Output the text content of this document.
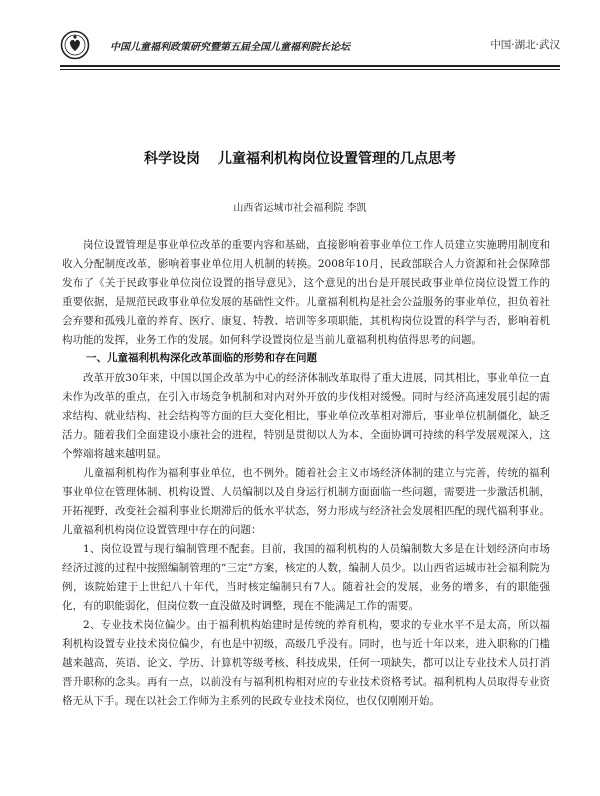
中国儿童福利政策研究暨第五届全国儿童福利院长论坛	中国·湖北·武汉
科学设岗 儿童福利机构岗位设置管理的几点思考
山西省运城市社会福利院 李凯

岗位设置管理是事业单位改革的重要内容和基础，直接影响着事业单位工作人员建立实施聘用制度和收入分配制度改革，影响着事业单位用人机制的转换。2008年10月，民政部联合人力资源和社会保障部发布了《关于民政事业单位岗位设置的指导意见》，这个意见的出台是开展民政事业单位岗位设置工作的重要依据，是规范民政事业单位发展的基础性文件。儿童福利机构是社会公益服务的事业单位，担负着社会弃婴和孤残儿童的养育、医疗、康复、特教、培训等多项职能，其机构岗位设置的科学与否，影响着机构功能的发挥，业务工作的发展。如何科学设置岗位是当前儿童福利机构值得思考的问题。

一、儿童福利机构深化改革面临的形势和存在问题

改革开放30年来，中国以国企改革为中心的经济体制改革取得了重大进展，同其相比，事业单位一直未作为改革的重点，在引入市场竞争机制和对内对外开放的步伐相对缓慢。同时与经济高速发展引起的需求结构、就业结构、社会结构等方面的巨大变化相比，事业单位改革相对滞后，事业单位机制僵化，缺乏活力。随着我们全面建设小康社会的进程，特别是贯彻以人为本、全面协调可持续的科学发展观深入，这个弊端将越来越明显。

儿童福利机构作为福利事业单位，也不例外。随着社会主义市场经济体制的建立与完善，传统的福利事业单位在管理体制、机构设置、人员编制以及自身运行机制方面面临一些问题，需要进一步激活机制，开拓视野，改变社会福利事业长期滞后的低水平状态，努力形成与经济社会发展相匹配的现代福利事业。儿童福利机构岗位设置管理中存在的问题：

1、岗位设置与现行编制管理不配套。目前，我国的福利机构的人员编制数大多是在计划经济向市场经济过渡的过程中按照编制管理的“三定”方案，核定的人数，编制人员少。以山西省运城市社会福利院为例，该院始建于上世纪八十年代，当时核定编制只有7人。随着社会的发展，业务的增多，有的职能强化，有的职能弱化，但岗位数一直没做及时调整，现在不能满足工作的需要。

2、专业技术岗位偏少。由于福利机构始建时是传统的养育机构，要求的专业水平不是太高，所以福利机构设置专业技术岗位偏少，有也是中初级，高级几乎没有。同时，也与近十年以来，进入职称的门槛越来越高，英语、论文、学历、计算机等级考核、科技成果，任何一项缺失，都可以让专业技术人员打消晋升职称的念头。再有一点，以前没有与福利机构相对应的专业技术资格考试。福利机构人员取得专业资格无从下手。现在以社会工作师为主系列的民政专业技术岗位，也仅仅刚刚开始。
